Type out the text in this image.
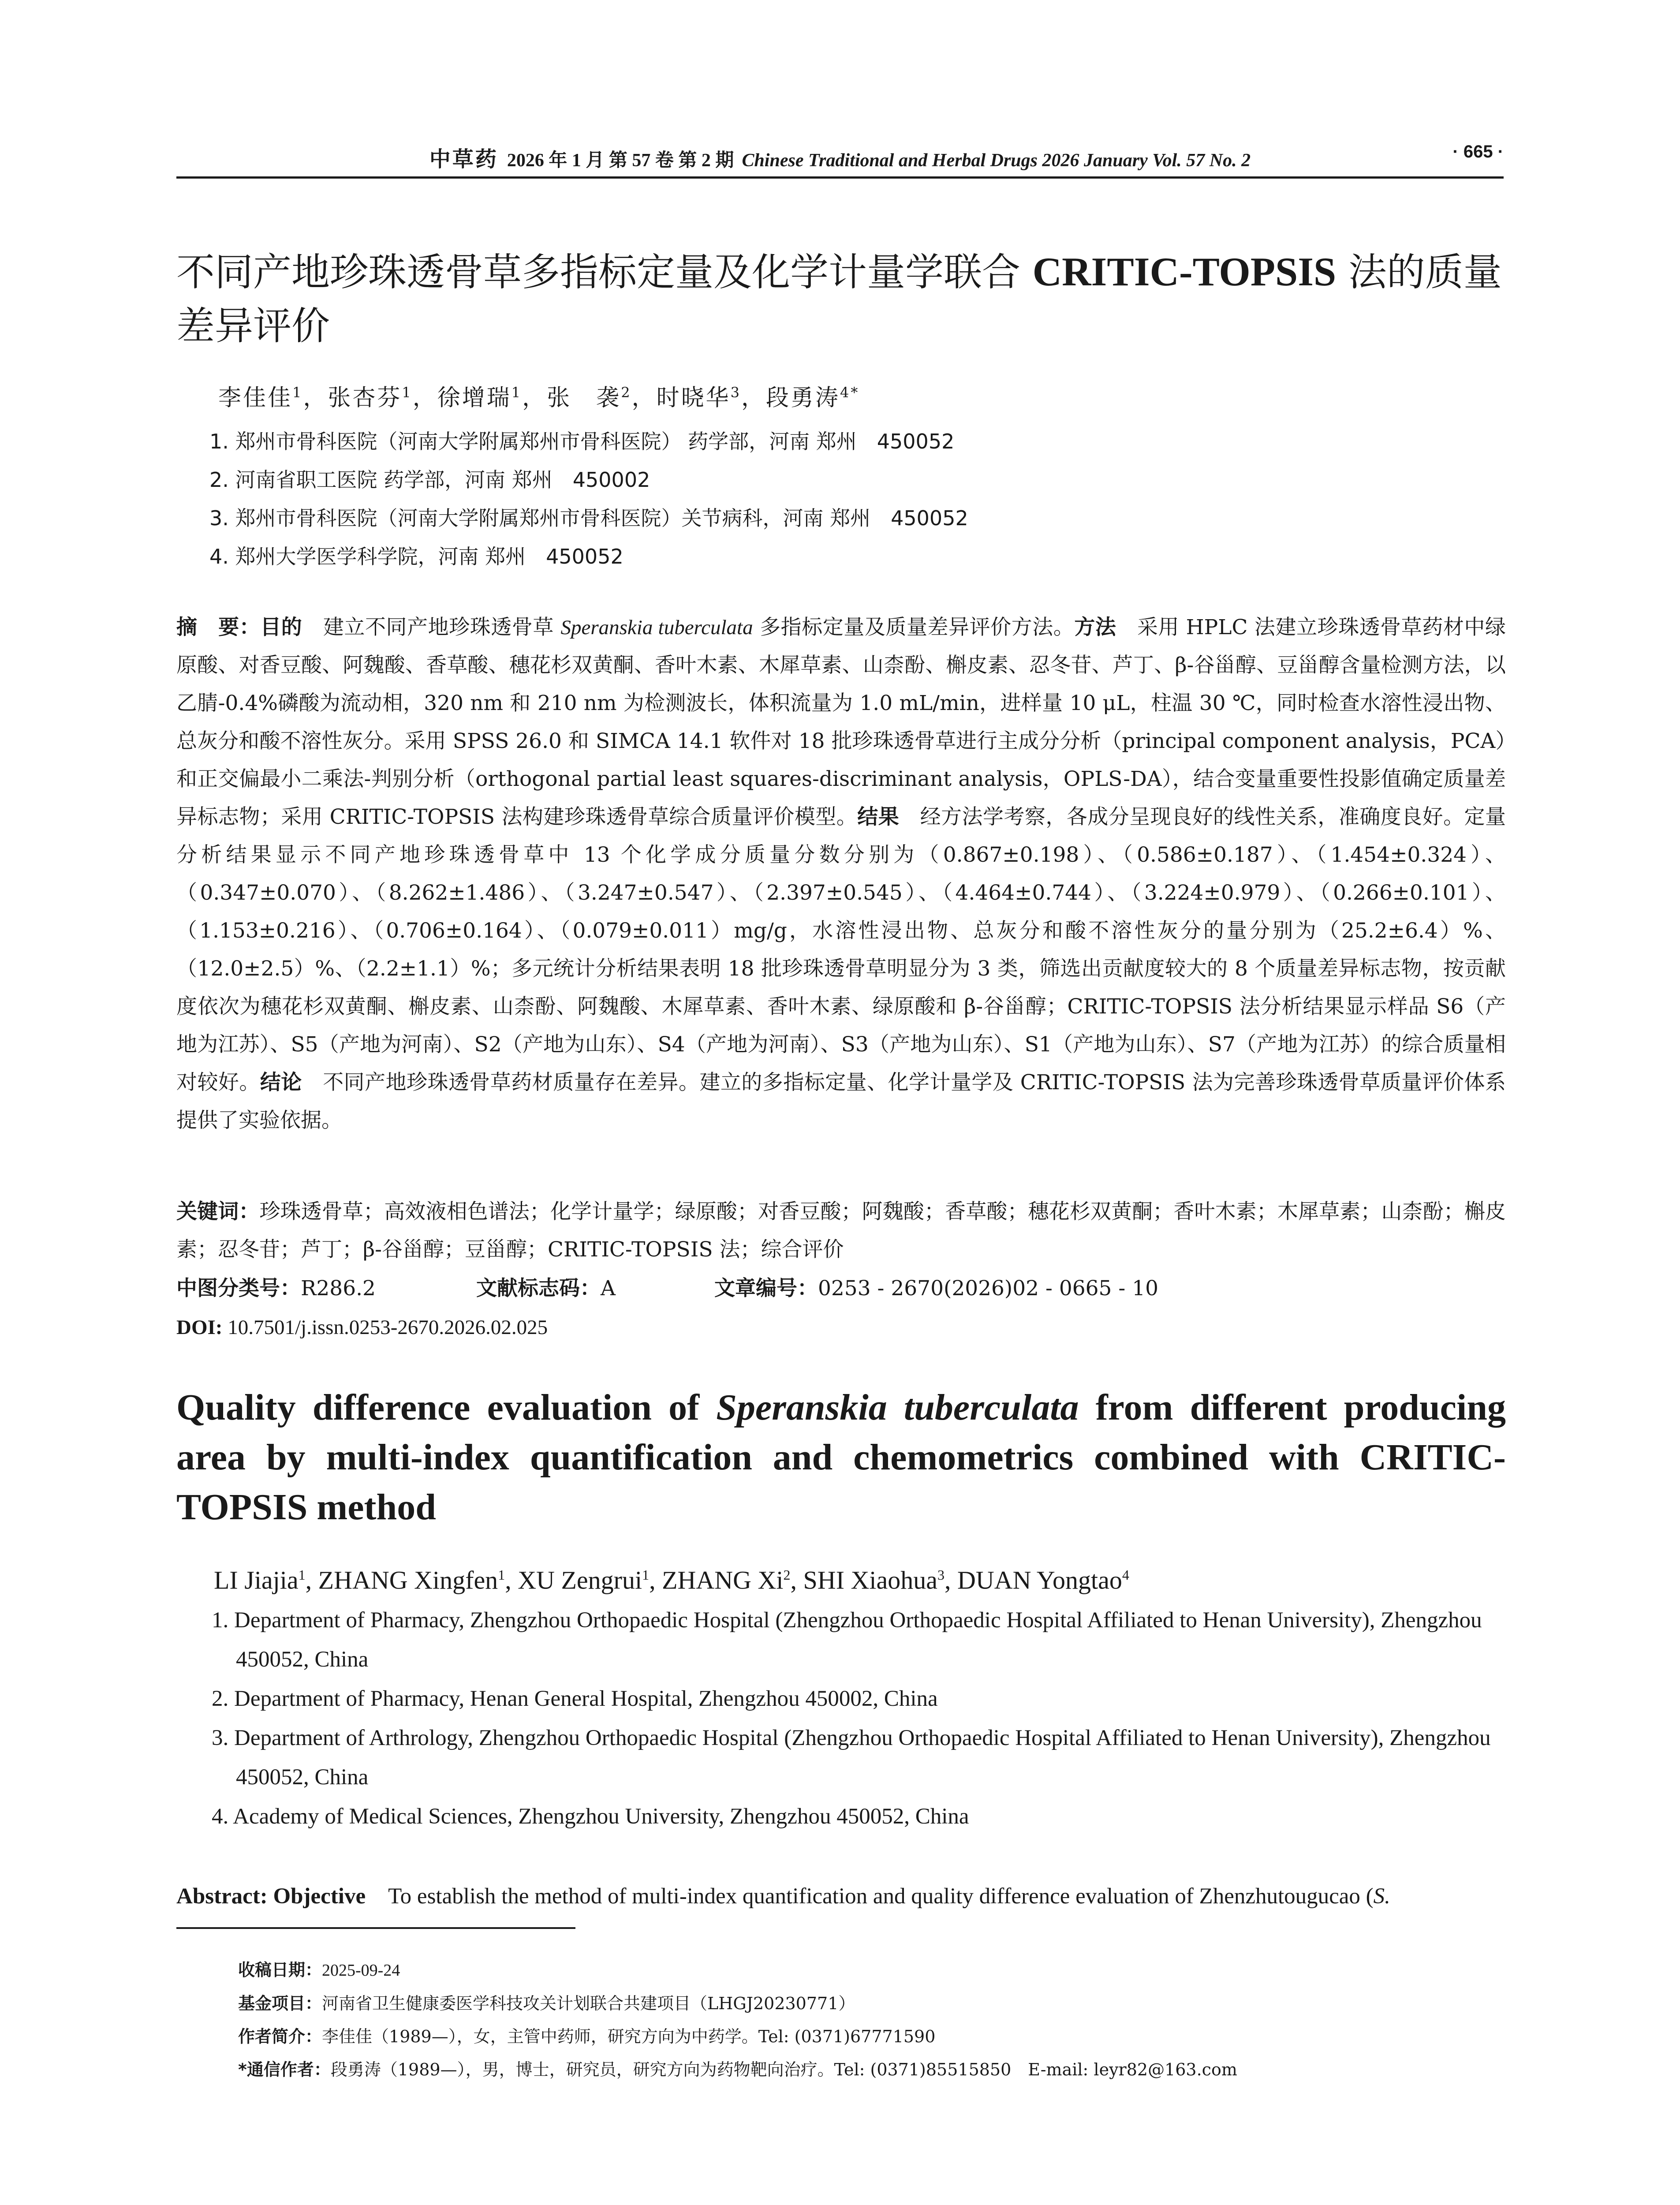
中草药 2026 年 1 月 第 57 卷 第 2 期 Chinese Traditional and Herbal Drugs 2026 January Vol. 57 No. 2	· 665 ·
不同产地珍珠透骨草多指标定量及化学计量学联合 CRITIC-TOPSIS 法的质量差异评价
李佳佳$^1$，张杏芬$^1$，徐增瑞$^1$，张　袭$^2$，时晓华$^3$，段勇涛$^{4*}$
1. 郑州市骨科医院（河南大学附属郑州市骨科医院） 药学部，河南 郑州　450052
2. 河南省职工医院 药学部，河南 郑州　450002
3. 郑州市骨科医院（河南大学附属郑州市骨科医院）关节病科，河南 郑州　450052
4. 郑州大学医学科学院，河南 郑州　450052
摘　要：目的　建立不同产地珍珠透骨草 Speranskia tuberculata 多指标定量及质量差异评价方法。方法　采用 HPLC 法建立珍珠透骨草药材中绿原酸、对香豆酸、阿魏酸、香草酸、穗花杉双黄酮、香叶木素、木犀草素、山柰酚、槲皮素、忍冬苷、芦丁、β-谷甾醇、豆甾醇含量检测方法，以乙腈-0.4%磷酸为流动相，320 nm 和 210 nm 为检测波长，体积流量为 1.0 mL/min，进样量 10 μL，柱温 30 ℃，同时检查水溶性浸出物、总灰分和酸不溶性灰分。采用 SPSS 26.0 和 SIMCA 14.1 软件对 18 批珍珠透骨草进行主成分分析（principal component analysis，PCA）和正交偏最小二乘法-判别分析（orthogonal partial least squares-discriminant analysis，OPLS-DA），结合变量重要性投影值确定质量差异标志物；采用 CRITIC-TOPSIS 法构建珍珠透骨草综合质量评价模型。结果　经方法学考察，各成分呈现良好的线性关系，准确度良好。定量分析结果显示不同产地珍珠透骨草中 13 个化学成分质量分数分别为（0.867±0.198）、（0.586±0.187）、（1.454±0.324）、（0.347±0.070）、（8.262±1.486）、（3.247±0.547）、（2.397±0.545）、（4.464±0.744）、（3.224±0.979）、（0.266±0.101）、（1.153±0.216）、（0.706±0.164）、（0.079±0.011）mg/g，水溶性浸出物、总灰分和酸不溶性灰分的量分别为（25.2±6.4）%、（12.0±2.5）%、（2.2±1.1）%；多元统计分析结果表明 18 批珍珠透骨草明显分为 3 类，筛选出贡献度较大的 8 个质量差异标志物，按贡献度依次为穗花杉双黄酮、槲皮素、山柰酚、阿魏酸、木犀草素、香叶木素、绿原酸和 β-谷甾醇；CRITIC-TOPSIS 法分析结果显示样品 S6（产地为江苏）、S5（产地为河南）、S2（产地为山东）、S4（产地为河南）、S3（产地为山东）、S1（产地为山东）、S7（产地为江苏）的综合质量相对较好。结论　不同产地珍珠透骨草药材质量存在差异。建立的多指标定量、化学计量学及 CRITIC-TOPSIS 法为完善珍珠透骨草质量评价体系提供了实验依据。
关键词：珍珠透骨草；高效液相色谱法；化学计量学；绿原酸；对香豆酸；阿魏酸；香草酸；穗花杉双黄酮；香叶木素；木犀草素；山柰酚；槲皮素；忍冬苷；芦丁；β-谷甾醇；豆甾醇；CRITIC-TOPSIS 法；综合评价
中图分类号：R286.2	文献标志码：A	文章编号：0253 - 2670(2026)02 - 0665 - 10
DOI: 10.7501/j.issn.0253-2670.2026.02.025
Quality difference evaluation of Speranskia tuberculata from different producing area by multi-index quantification and chemometrics combined with CRITIC-TOPSIS method
LI Jiajia$^1$, ZHANG Xingfen$^1$, XU Zengrui$^1$, ZHANG Xi$^2$, SHI Xiaohua$^3$, DUAN Yongtao$^4$
1. Department of Pharmacy, Zhengzhou Orthopaedic Hospital (Zhengzhou Orthopaedic Hospital Affiliated to Henan University), Zhengzhou 450052, China
2. Department of Pharmacy, Henan General Hospital, Zhengzhou 450002, China
3. Department of Arthrology, Zhengzhou Orthopaedic Hospital (Zhengzhou Orthopaedic Hospital Affiliated to Henan University), Zhengzhou 450052, China
4. Academy of Medical Sciences, Zhengzhou University, Zhengzhou 450052, China
Abstract: Objective　To establish the method of multi-index quantification and quality difference evaluation of Zhenzhutougucao (S.
收稿日期：2025-09-24
基金项目：河南省卫生健康委医学科技攻关计划联合共建项目（LHGJ20230771）
作者简介：李佳佳（1989—），女，主管中药师，研究方向为中药学。Tel: (0371)67771590
*通信作者：段勇涛（1989—），男，博士，研究员，研究方向为药物靶向治疗。Tel: (0371)85515850　E-mail: leyr82@163.com
